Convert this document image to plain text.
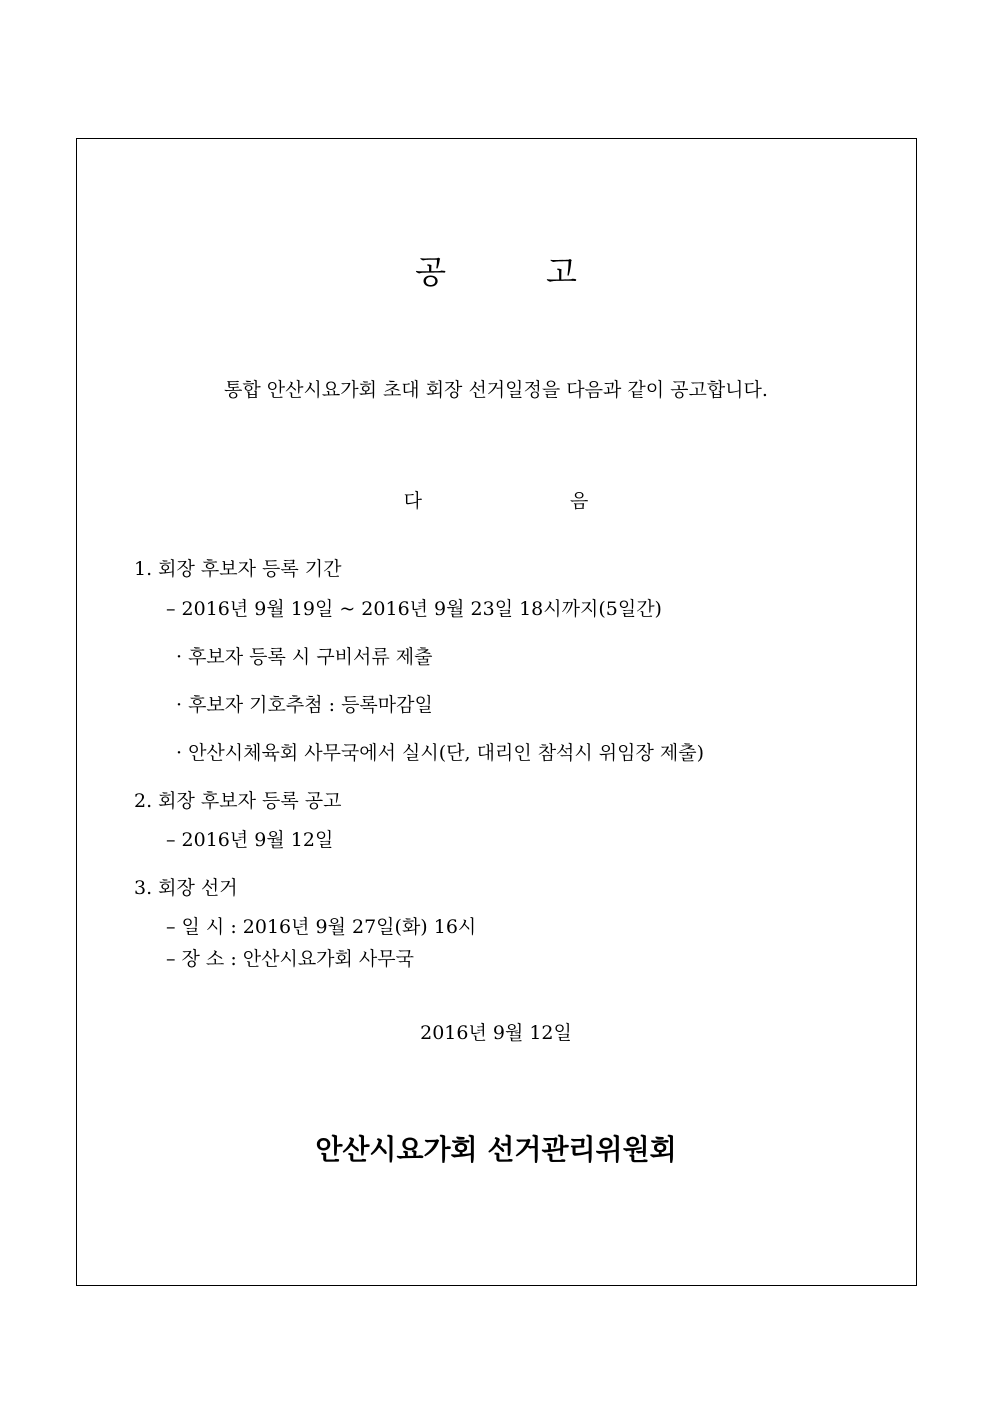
공	고
통합 안산시요가회 초대 회장 선거일정을 다음과 같이 공고합니다.
다	음
1. 회장 후보자 등록 기간
– 2016년 9월 19일 ~ 2016년 9월 23일 18시까지(5일간)
· 후보자 등록 시 구비서류 제출
· 후보자 기호추첨 : 등록마감일
· 안산시체육회 사무국에서 실시(단, 대리인 참석시 위임장 제출)
2. 회장 후보자 등록 공고
– 2016년 9월 12일
3. 회장 선거
– 일 시 : 2016년 9월 27일(화) 16시
– 장 소 : 안산시요가회 사무국
2016년 9월 12일
안산시요가회 선거관리위원회
